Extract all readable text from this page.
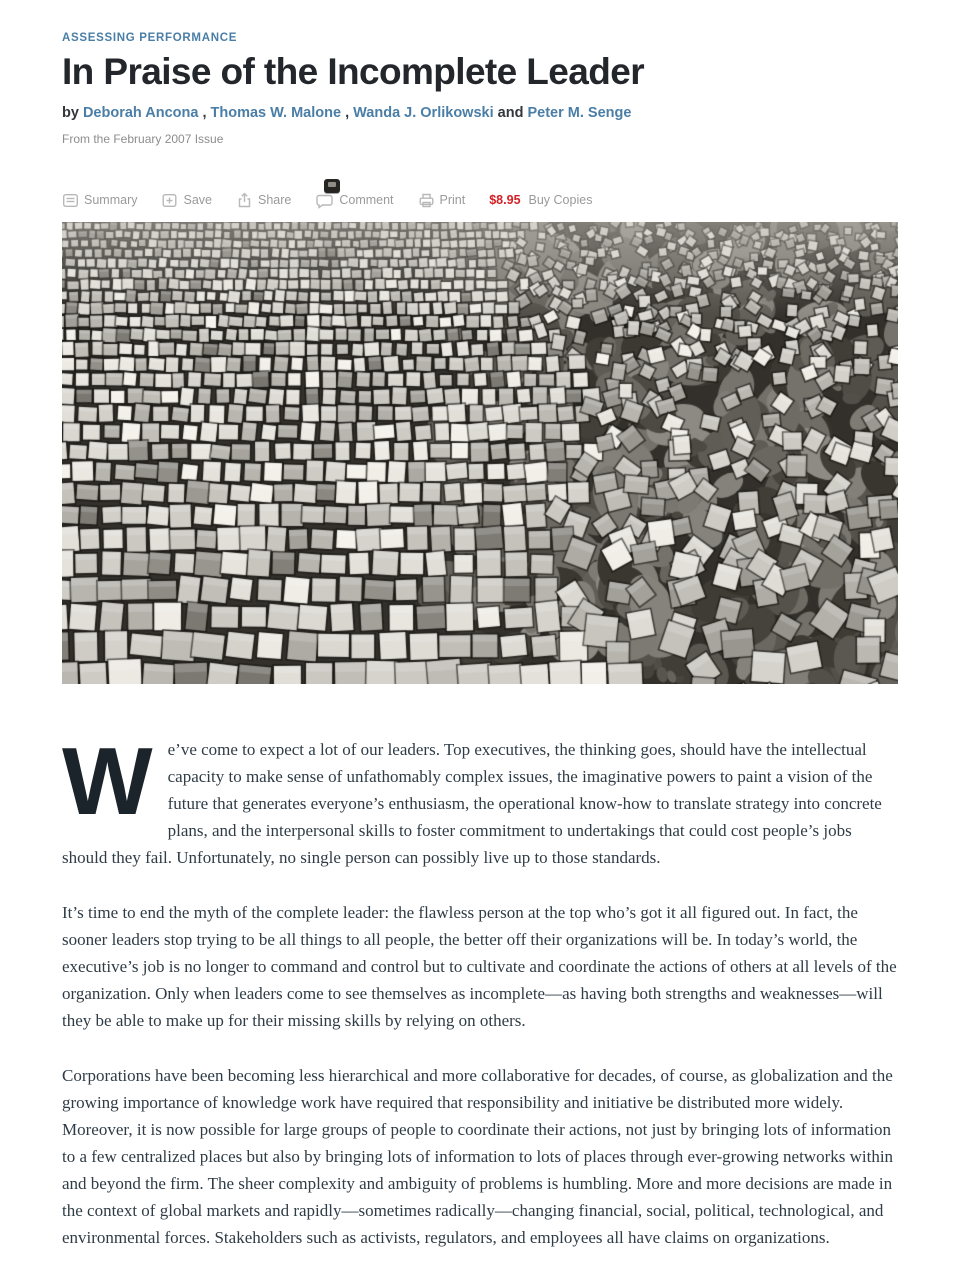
ASSESSING PERFORMANCE
In Praise of the Incomplete Leader

by Deborah Ancona , Thomas W. Malone , Wanda J. Orlikowski and Peter M. Senge

From the February 2007 Issue
Summary	Save	Share	Comment	Print $8.95 Buy Copies

We’ve come to expect a lot of our leaders. Top executives, the thinking goes, should have the intellectual capacity to make sense of unfathomably complex issues, the imaginative powers to paint a vision of the future that generates everyone’s enthusiasm, the operational know-how to translate strategy into concrete plans, and the interpersonal skills to foster commitment to undertakings that could cost people’s jobs should they fail. Unfortunately, no single person can possibly live up to those standards.

It’s time to end the myth of the complete leader: the flawless person at the top who’s got it all figured out. In fact, the sooner leaders stop trying to be all things to all people, the better off their organizations will be. In today’s world, the executive’s job is no longer to command and control but to cultivate and coordinate the actions of others at all levels of the organization. Only when leaders come to see themselves as incomplete—as having both strengths and weaknesses—will they be able to make up for their missing skills by relying on others.

Corporations have been becoming less hierarchical and more collaborative for decades, of course, as globalization and the growing importance of knowledge work have required that responsibility and initiative be distributed more widely. Moreover, it is now possible for large groups of people to coordinate their actions, not just by bringing lots of information to a few centralized places but also by bringing lots of information to lots of places through ever-growing networks within and beyond the firm. The sheer complexity and ambiguity of problems is humbling. More and more decisions are made in the context of global markets and rapidly—sometimes radically—changing financial, social, political, technological, and environmental forces. Stakeholders such as activists, regulators, and employees all have claims on organizations.
